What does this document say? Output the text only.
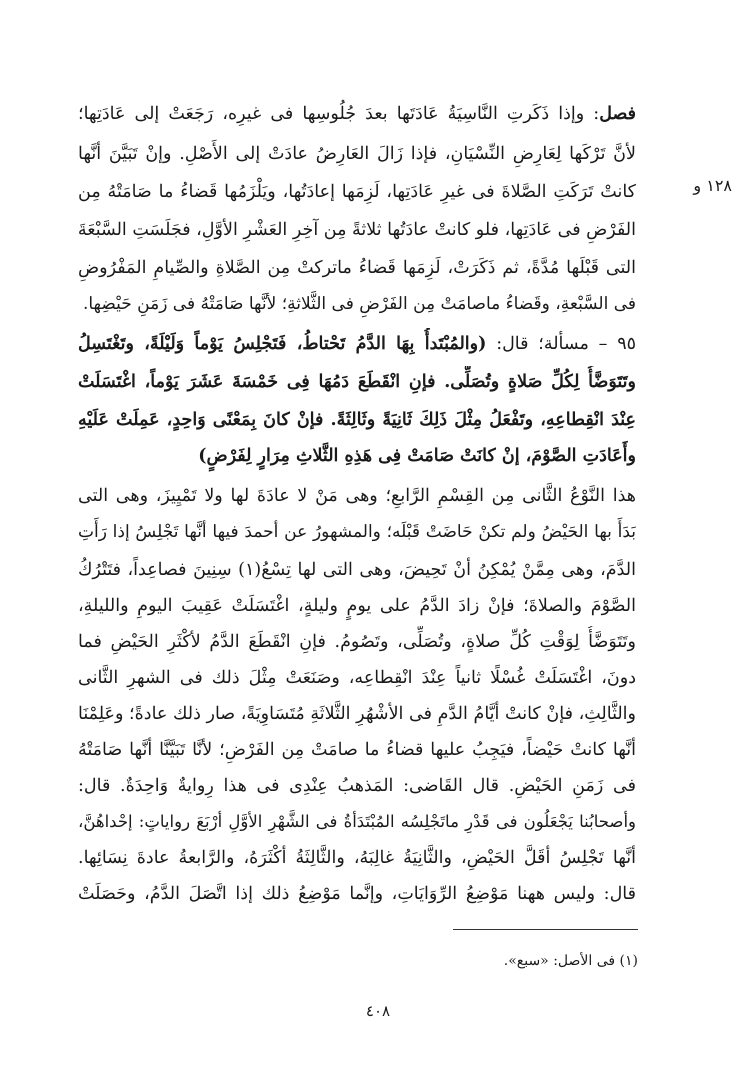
١٢٨ و
فصل: وإذا ذَكَرتِ النَّاسِيَةُ عَادَتَها بعدَ جُلُوسِها فى غيرِه، رَجَعَتْ إلى عَادَتِها؛
لأنَّ تَرْكَها لِعَارِضِ النِّسْيَانِ، فإذا زَالَ العَارِضُ عادَتْ إلى الأَصْلِ. وإنْ تَبَيَّنَ أنَّها
كانتْ تَرَكَتِ الصَّلاةَ فى غيرِ عَادَتِها، لَزِمَها إعادَتُها، ويَلْزَمُها قَضاءُ ما صَامَتْهُ مِن
الفَرْضِ فى عَادَتِها، فلو كانتْ عادَتُها ثلاثةً مِن آخِرِ العَشْرِ الأوَّلِ، فجَلَسَتِ السَّبْعَةَ
التى قَبْلَها مُدَّةً، ثم ذَكَرَتْ، لَزِمَها قَضاءُ ماتركتْ مِن الصَّلاةِ والصِّيامِ المَفْرُوضِ
فى السَّبْعةِ، وقَضاءُ ماصامَتْ مِن الفَرْضِ فى الثَّلاثةِ؛ لأنَّها صَامَتْهُ فى زَمَنِ حَيْضِها.
٩٥ – مسألة؛ قال: (والمُبْتَدأُ بِهَا الدَّمُ تَحْتاطُ، فَتَجْلِسُ يَوْماً وَلَيْلَةً، وتَغْتَسِلُ
وتَتَوَضَّأُ لِكُلِّ صَلاةٍ وتُصَلِّى. فإنِ انْقَطَعَ دَمُهَا فِى خَمْسَةَ عَشَرَ يَوْماً، اغْتَسَلَتْ
عِنْدَ انْقِطاعِهِ، وتَفْعَلُ مِثْلَ ذَلِكَ ثَانِيَةً وثَالِثَةً. فإنْ كانَ بِمَعْنًى وَاحِدٍ، عَمِلَتْ عَلَيْهِ
وأَعَادَتِ الصَّوْمَ، إنْ كانَتْ صَامَتْ فِى هَذِهِ الثَّلاثِ مِرَارٍ لِفَرْضٍ)
هذا النَّوْعُ الثَّانى مِن القِسْمِ الرَّابعِ؛ وهى مَنْ لا عادَةَ لها ولا تَمْيِيزَ، وهى التى
بَدَأَ بها الحَيْضُ ولم تكنْ حَاضَتْ قَبْلَه؛ والمشهورُ عن أحمدَ فيها أنَّها تَجْلِسُ إذا رَأَتِ
الدَّمَ، وهى مِمَّنْ يُمْكِنُ أنْ تَحِيضَ، وهى التى لها تِسْعُ(١) سِنِينَ فصاعِداً، فتَتْرُكُ
الصَّوْمَ والصلاةَ؛ فإنْ زادَ الدَّمُ على يومٍ وليلةٍ، اغْتَسَلَتْ عَقِيبَ اليومِ والليلةِ،
وتَتَوَضَّأُ لِوَقْتِ كُلِّ صلاةٍ، وتُصَلِّى، وتَصُومُ. فإنِ انْقَطَعَ الدَّمُ لأكْثَرِ الحَيْضِ فما
دونَ، اغْتَسَلَتْ غُسْلًا ثانياً عِنْدَ انْقِطاعِه، وصَنَعَتْ مِثْلَ ذلك فى الشهرِ الثَّانى
والثَّالِثِ، فإنْ كانتْ أيَّامُ الدَّمِ فى الأشْهُرِ الثَّلاثَةِ مُتَسَاوِيَةً، صار ذلك عادةً؛ وعَلِمْنَا
أنَّها كانتْ حَيْضاً، فيَجِبُ عليها قضاءُ ما صامَتْ مِن الفَرْضِ؛ لأنَّا تَبَيَّنَّا أنَّها صَامَتْهُ
فى زَمَنِ الحَيْضِ. قال القَاضى: المَذهبُ عِنْدِى فى هذا رِوايةٌ وَاحِدَةٌ. قال:
وأصحابُنا يَجْعَلُون فى قَدْرِ ماتَجْلِسُه المُبْتَدَأةُ فى الشَّهْرِ الأوَّلِ أرْبَعَ رواياتٍ: إحْداهُنَّ،
أنَّها تَجْلِسُ أقَلَّ الحَيْضِ، والثَّانِيَةُ غالِبَهُ، والثَّالِثَةُ أكْثَرَهُ، والرَّابعةُ عادةَ نِسَائِها.
قال: وليس ههنا مَوْضِعُ الرِّوَايَاتِ، وإنَّما مَوْضِعُ ذلك إذا اتَّصَلَ الدَّمُ، وحَصَلَتْ
(١) فى الأصل: «سبع».
٤٠٨
